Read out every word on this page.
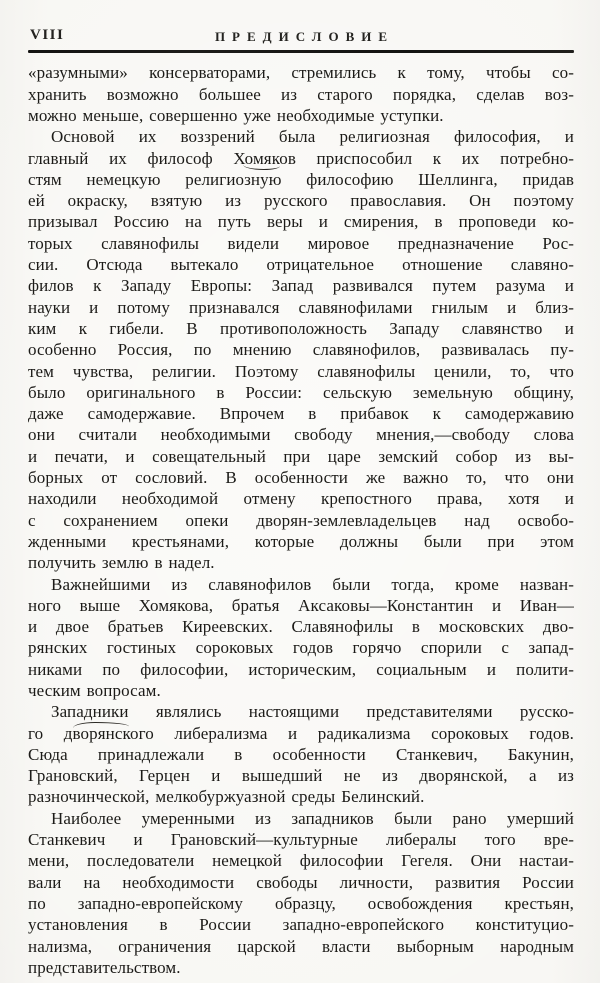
VIII	ПРЕДИСЛОВИЕ
«разумными» консерваторами, стремились к тому, чтобы со-
хранить возможно большее из старого порядка, сделав воз-
можно меньше, совершенно уже необходимые уступки.
Основой их воззрений была религиозная философия, и
главный их философ Хомяков приспособил к их потребно-
стям немецкую религиозную философию Шеллинга, придав
ей окраску, взятую из русского православия. Он поэтому
призывал Россию на путь веры и смирения, в проповеди ко-
торых славянофилы видели мировое предназначение Рос-
сии. Отсюда вытекало отрицательное отношение славяно-
филов к Западу Европы: Запад развивался путем разума и
науки и потому признавался славянофилами гнилым и близ-
ким к гибели. В противоположность Западу славянство и
особенно Россия, по мнению славянофилов, развивалась пу-
тем чувства, религии. Поэтому славянофилы ценили, то, что
было оригинального в России: сельскую земельную общину,
даже самодержавие. Впрочем в прибавок к самодержавию
они считали необходимыми свободу мнения,—свободу слова
и печати, и совещательный при царе земский собор из вы-
борных от сословий. В особенности же важно то, что они
находили необходимой отмену крепостного права, хотя и
с сохранением опеки дворян-землевладельцев над освобо-
жденными крестьянами, которые должны были при этом
получить землю в надел.
Важнейшими из славянофилов были тогда, кроме назван-
ного выше Хомякова, братья Аксаковы—Константин и Иван—
и двое братьев Киреевских. Славянофилы в московских дво-
рянских гостиных сороковых годов горячо спорили с запад-
никами по философии, историческим, социальным и полити-
ческим вопросам.
Западники являлись настоящими представителями русско-
го дворянского либерализма и радикализма сороковых годов.
Сюда принадлежали в особенности Станкевич, Бакунин,
Грановский, Герцен и вышедший не из дворянской, а из
разночинческой, мелкобуржуазной среды Белинский.
Наиболее умеренными из западников были рано умерший
Станкевич и Грановский—культурные либералы того вре-
мени, последователи немецкой философии Гегеля. Они настаи-
вали на необходимости свободы личности, развития России
по западно-европейскому образцу, освобождения крестьян,
установления в России западно-европейского конституцио-
нализма, ограничения царской власти выборным народным
представительством.
